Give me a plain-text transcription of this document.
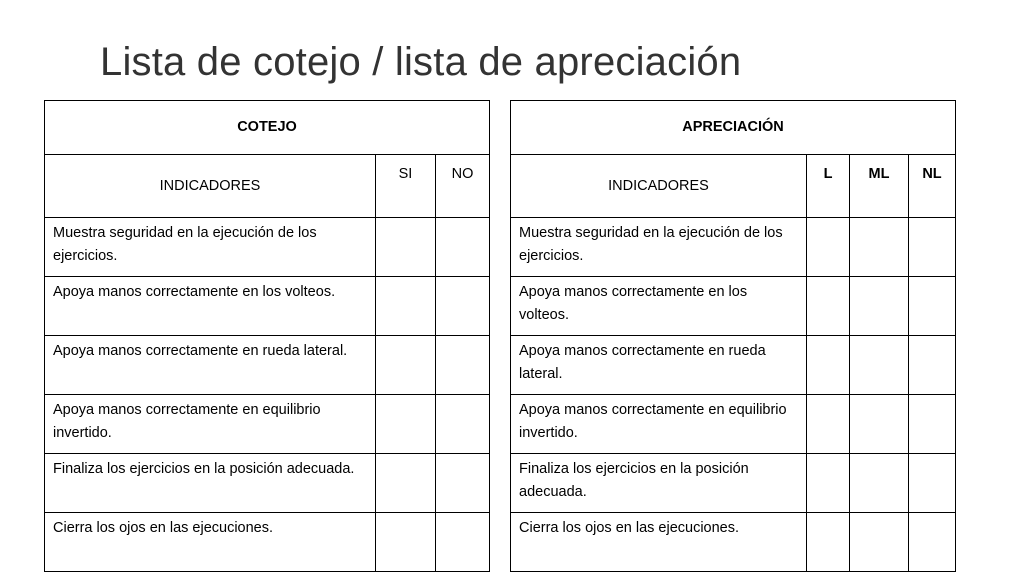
Lista de cotejo / lista de apreciación
COTEJO		
INDICADORES	SI	NO
Muestra seguridad en la ejecución de los ejercicios.		
Apoya manos correctamente en los volteos.		
Apoya manos correctamente en rueda lateral.		
Apoya manos correctamente en equilibrio invertido.		
Finaliza los ejercicios en la posición adecuada.		
Cierra los ojos en las ejecuciones.		
APRECIACIÓN			
INDICADORES	L	ML	NL
Muestra seguridad en la ejecución de los ejercicios.			
Apoya manos correctamente en los volteos.			
Apoya manos correctamente en rueda lateral.			
Apoya manos correctamente en equilibrio invertido.			
Finaliza los ejercicios en la posición adecuada.			
Cierra los ojos en las ejecuciones.			
